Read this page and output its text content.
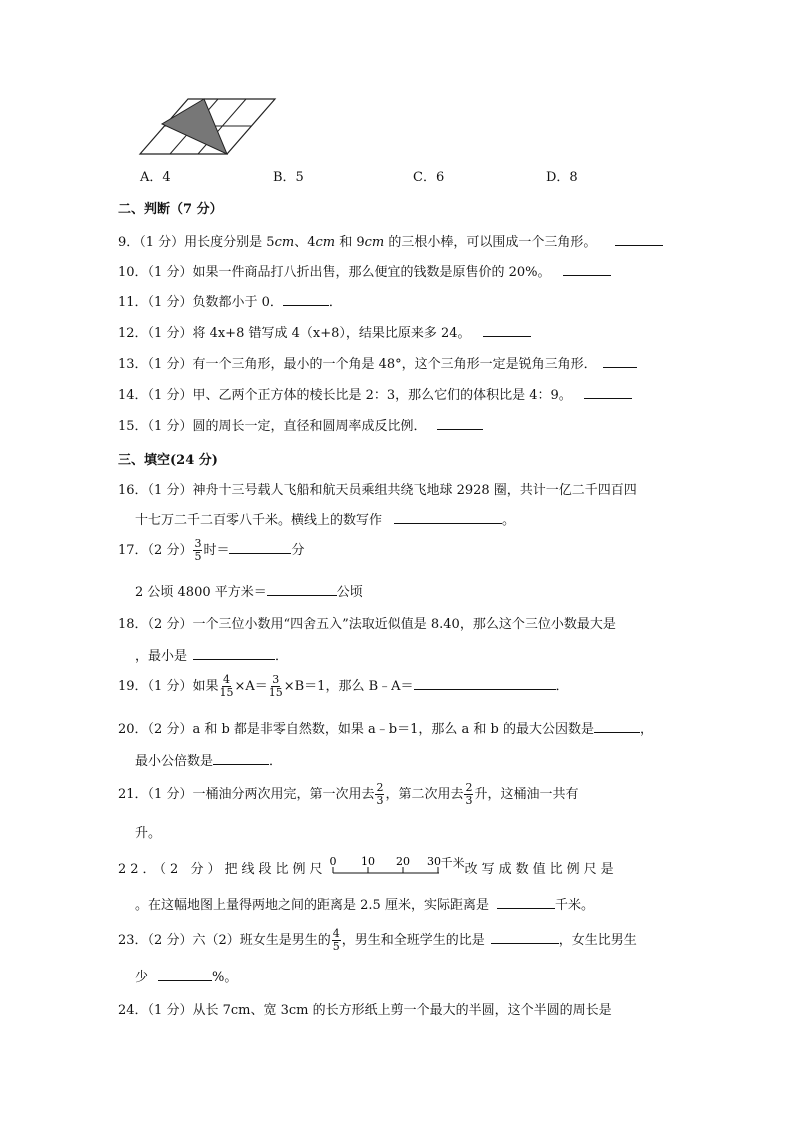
A．4	B．5	C．6	D．8
二、判断（7 分）
9．（1 分）用长度分别是 5cm、4cm 和 9cm 的三根小棒，可以围成一个三角形。
10．（1 分）如果一件商品打八折出售，那么便宜的钱数是原售价的 20%。
11．（1 分）负数都小于 0．	．
12．（1 分）将 4x+8 错写成 4（x+8），结果比原来多 24。
13．（1 分）有一个三角形，最小的一个角是 48°，这个三角形一定是锐角三角形．
14．（1 分）甲、乙两个正方体的棱长比是 2：3，那么它们的体积比是 4：9。
15．（1 分）圆的周长一定，直径和圆周率成反比例．
三、填空(24 分)
16．（1 分）神舟十三号载人飞船和航天员乘组共绕飞地球 2928 圈，共计一亿二千四百四
十七万二千二百零八千米。横线上的数写作	。
17．（2 分） $\frac{3}{5}$ 时＝	分
2 公顷 4800 平方米＝	公顷
18．（2 分）一个三位小数用“四舍五入”法取近似值是 8.40，那么这个三位小数最大是
，最小是	．
19．（1 分）如果 $\frac{4}{15} \times A= \frac{3}{15} \times B=1$，那么 B﹣A＝	．
20．（2 分）a 和 b 都是非零自然数，如果 a﹣b＝1，那么 a 和 b 的最大公因数是	，
最小公倍数是	．
21．（1 分）一桶油分两次用完，第一次用去 $\frac{2}{3}$ ，第二次用去 $\frac{2}{3}$ 升，这桶油一共有
升。
22．（2 分）把线段比例尺
0 10 20 30 千米改写成数值比例尺是
。在这幅地图上量得两地之间的距离是 2.5 厘米，实际距离是	千米。
23．（2 分）六（2）班女生是男生的 $\frac{4}{5}$ ，男生和全班学生的比是	，女生比男生
少	%。
24．（1 分）从长 7cm、宽 3cm 的长方形纸上剪一个最大的半圆，这个半圆的周长是
